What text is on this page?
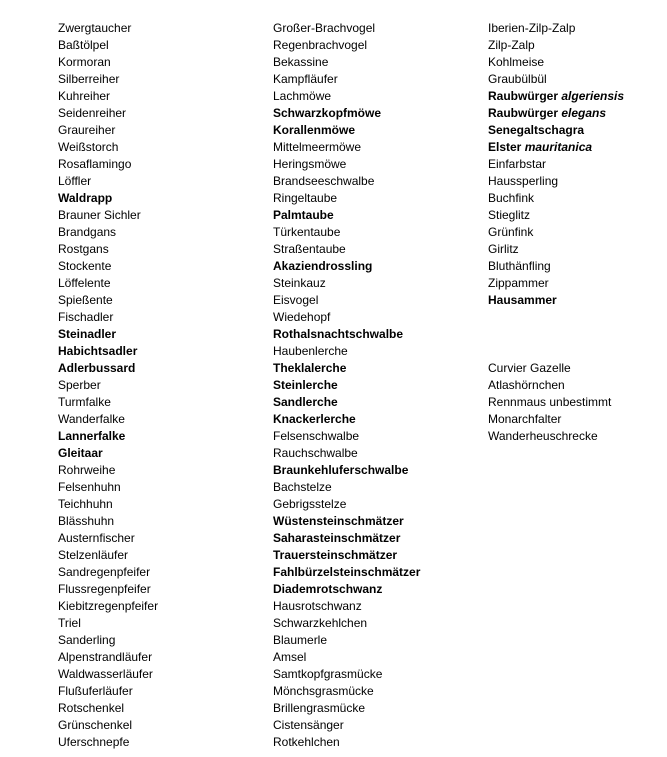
Zwergtaucher
Baßtölpel
Kormoran
Silberreiher
Kuhreiher
Seidenreiher
Graureiher
Weißstorch
Rosaflamingo
Löffler
Waldrapp
Brauner Sichler
Brandgans
Rostgans
Stockente
Löffelente
Spießente
Fischadler
Steinadler
Habichtsadler
Adlerbussard
Sperber
Turmfalke
Wanderfalke
Lannerfalke
Gleitaar
Rohrweihe
Felsenhuhn
Teichhuhn
Blässhuhn
Austernfischer
Stelzenläufer
Sandregenpfeifer
Flussregenpfeifer
Kiebitzregenpfeifer
Triel
Sanderling
Alpenstrandläufer
Waldwasserläufer
Flußuferläufer
Rotschenkel
Grünschenkel
Uferschnepfe
Großer-Brachvogel
Regenbrachvogel
Bekassine
Kampfläufer
Lachmöwe
Schwarzkopfmöwe
Korallenmöwe
Mittelmeermöwe
Heringsmöwe
Brandseeschwalbe
Ringeltaube
Palmtaube
Türkentaube
Straßentaube
Akaziendrossling
Steinkauz
Eisvogel
Wiedehopf
Rothalsnachtschwalbe
Haubenlerche
Theklalerche
Steinlerche
Sandlerche
Knackerlerche
Felsenschwalbe
Rauchschwalbe
Braunkehluferschwalbe
Bachstelze
Gebrigsstelze
Wüstensteinschmätzer
Saharasteinschmätzer
Trauersteinschmätzer
Fahlbürzelsteinschmätzer
Diademrotschwanz
Hausrotschwanz
Schwarzkehlchen
Blaumerle
Amsel
Samtkopfgrasmücke
Mönchsgrasmücke
Brillengrasmücke
Cistensänger
Rotkehlchen
Iberien-Zilp-Zalp
Zilp-Zalp
Kohlmeise
Graubülbül
Raubwürger algeriensis
Raubwürger elegans
Senegaltschagra
Elster mauritanica
Einfarbstar
Haussperling
Buchfink
Stieglitz
Grünfink
Girlitz
Bluthänfling
Zippammer
Hausammer
Curvier Gazelle
Atlashörnchen
Rennmaus unbestimmt
Monarchfalter
Wanderheuschrecke
